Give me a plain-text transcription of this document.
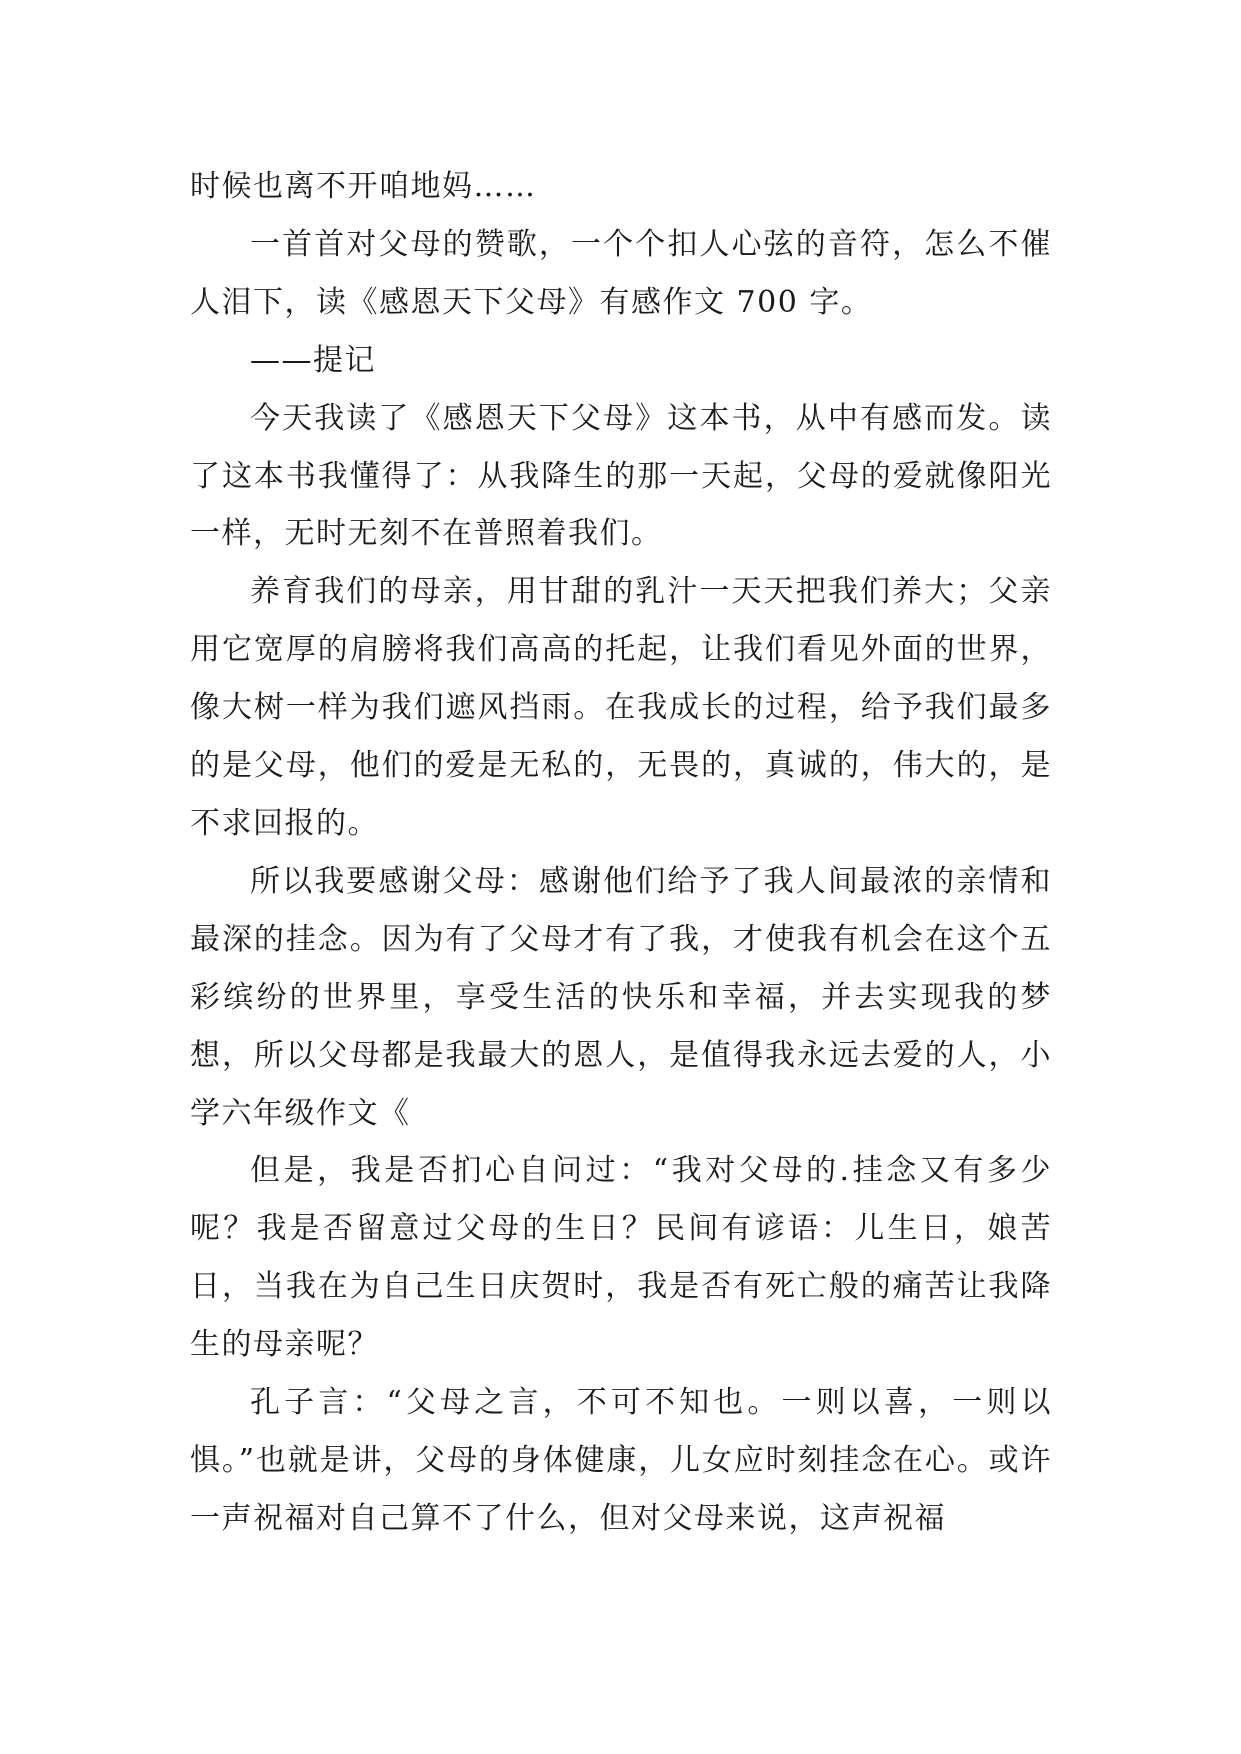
时候也离不开咱地妈……

一首首对父母的赞歌，一个个扣人心弦的音符，怎么不催人泪下，读《感恩天下父母》有感作文 700 字。

——提记

今天我读了《感恩天下父母》这本书，从中有感而发。读了这本书我懂得了：从我降生的那一天起，父母的爱就像阳光一样，无时无刻不在普照着我们。

养育我们的母亲，用甘甜的乳汁一天天把我们养大；父亲用它宽厚的肩膀将我们高高的托起，让我们看见外面的世界，像大树一样为我们遮风挡雨。在我成长的过程，给予我们最多的是父母，他们的爱是无私的，无畏的，真诚的，伟大的，是不求回报的。

所以我要感谢父母：感谢他们给予了我人间最浓的亲情和最深的挂念。因为有了父母才有了我，才使我有机会在这个五彩缤纷的世界里，享受生活的快乐和幸福，并去实现我的梦想，所以父母都是我最大的恩人，是值得我永远去爱的人，小学六年级作文《

但是，我是否扪心自问过：“我对父母的.挂念又有多少呢？我是否留意过父母的生日？民间有谚语：儿生日，娘苦日，当我在为自己生日庆贺时，我是否有死亡般的痛苦让我降生的母亲呢？

孔子言：“父母之言，不可不知也。一则以喜，一则以惧。”也就是讲，父母的身体健康，儿女应时刻挂念在心。或许一声祝福对自己算不了什么，但对父母来说，这声祝福
